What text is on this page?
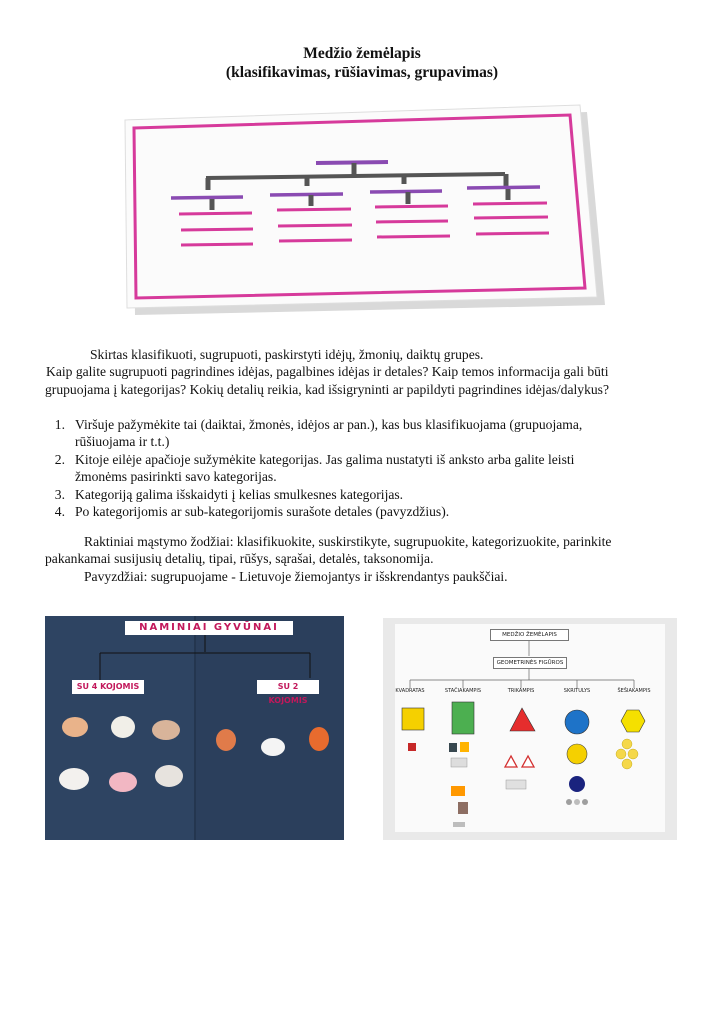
Medžio žemėlapis
(klasifikavimas, rūšiavimas, grupavimas)
Skirtas klasifikuoti, sugrupuoti, paskirstyti idėjų, žmonių, daiktų grupes.
Kaip galite sugrupuoti pagrindines idėjas, pagalbines idėjas ir detales? Kaip temos informacija gali būti
grupuojama į kategorijas? Kokių detalių reikia, kad išsigryninti ar papildyti pagrindines idėjas/dalykus?
1. Viršuje pažymėkite tai (daiktai, žmonės, idėjos ar pan.), kas bus klasifikuojama (grupuojama,
rūšiuojama ir t.t.)
2. Kitoje eilėje apačioje sužymėkite kategorijas. Jas galima nustatyti iš anksto arba galite leisti
žmonėms pasirinkti savo kategorijas.
3. Kategoriją galima išskaidyti į kelias smulkesnes kategorijas.
4. Po kategorijomis ar sub-kategorijomis surašote detales (pavyzdžius).
Raktiniai mąstymo žodžiai: klasifikuokite, suskirstikyte, sugrupuokite, kategorizuokite, parinkite
pakankamai susijusių detalių, tipai, rūšys, sąrašai, detalės, taksonomija.
Pavyzdžiai: sugrupuojame - Lietuvoje žiemojantys ir išskrendantys paukščiai.
NAMINIAI GYVŪNAI
SU 4 KOJOMIS	SU 2 KOJOMIS
MEDŽIO ŽEMĖLAPIS
GEOMETRINĖS FIGŪROS
KVADRATAS	STAČIAKAMPIS	TRIKAMPIS	SKRITULYS	ŠEŠIAKAMPIS
